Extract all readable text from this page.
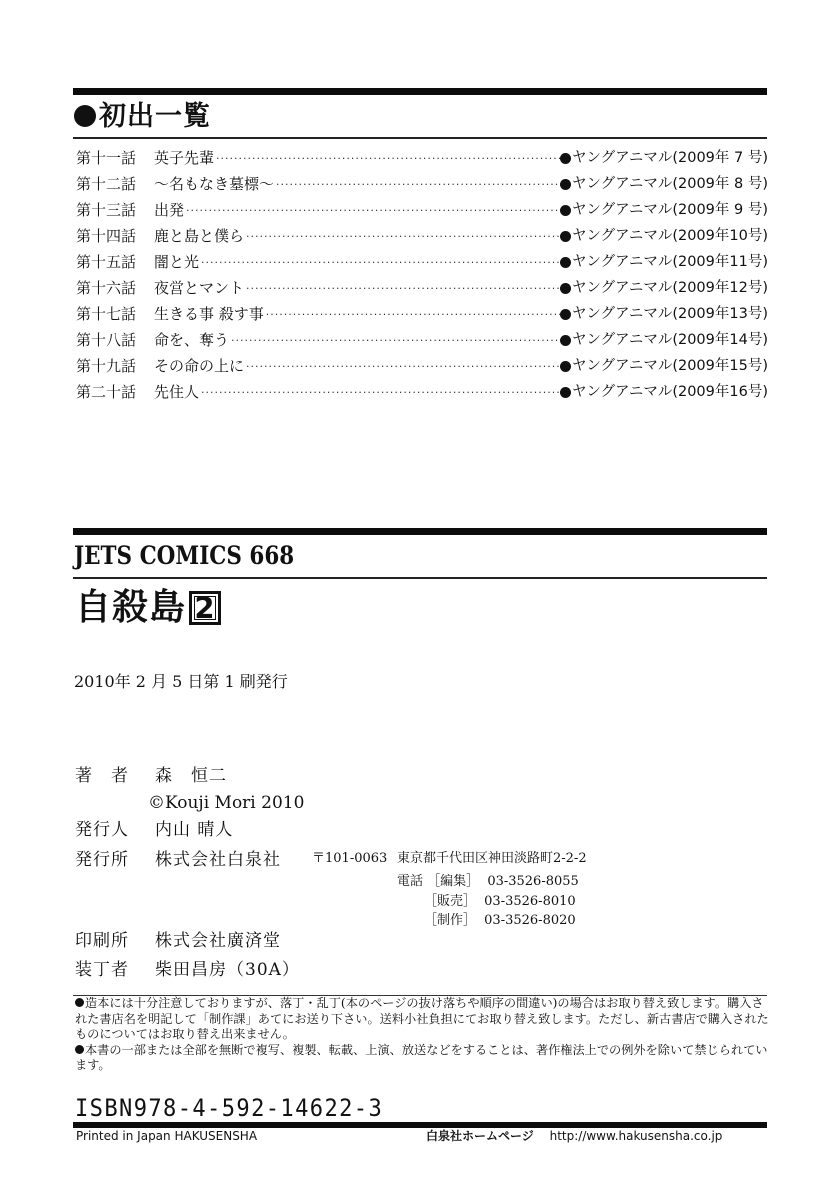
初出一覧
第十一話	英子先輩 ·····	ヤングアニマル(2009年 7 号)
第十二話	〜名もなき墓標〜 ·····	ヤングアニマル(2009年 8 号)
第十三話	出発 ·····	ヤングアニマル(2009年 9 号)
第十四話	鹿と島と僕ら ·····	ヤングアニマル(2009年10号)
第十五話	闇と光 ·····	ヤングアニマル(2009年11号)
第十六話	夜営とマント ·····	ヤングアニマル(2009年12号)
第十七話	生きる事 殺す事 ·····	ヤングアニマル(2009年13号)
第十八話	命を、奪う ·····	ヤングアニマル(2009年14号)
第十九話	その命の上に ·····	ヤングアニマル(2009年15号)
第二十話	先住人 ·····	ヤングアニマル(2009年16号)
JETS COMICS 668
自殺島 2
2010年 2 月 5 日第 1 刷発行
著　者 森　恒二
©Kouji Mori 2010
発行人 内山 晴人
発行所 株式会社白泉社 〒101-0063 東京都千代田区神田淡路町2-2-2
電話 ［編集］ 03-3526-8055
［販売］ 03-3526-8010
［制作］ 03-3526-8020
印刷所 株式会社廣済堂
装丁者 柴田昌房（30A）

造本には十分注意しておりますが、落丁・乱丁(本のページの抜け落ちや順序の間違い)の場合はお取り替え致します。購入された書店名を明記して「制作課」あてにお送り下さい。送料小社負担にてお取り替え致します。ただし、新古書店で購入されたものについてはお取り替え出来ません。

本書の一部または全部を無断で複写、複製、転載、上演、放送などをすることは、著作権法上での例外を除いて禁じられています。

ISBN978-4-592-14622-3
Printed in Japan HAKUSENSHA	白泉社ホームページ http://www.hakusensha.co.jp
